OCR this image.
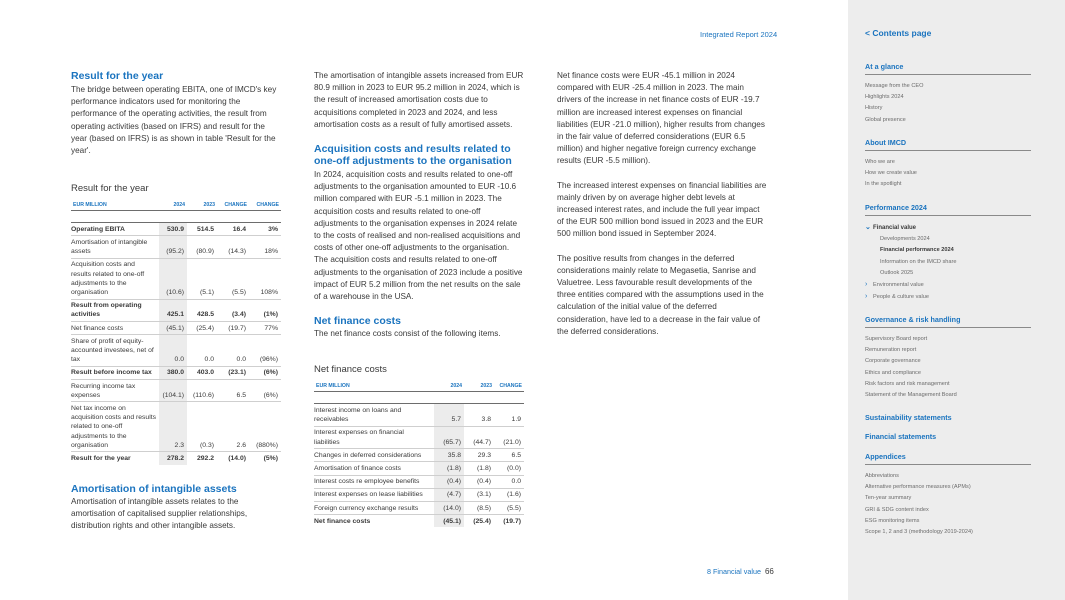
Integrated Report 2024
Result for the year
The bridge between operating EBITA, one of IMCD's key performance indicators used for monitoring the performance of the operating activities, the result from operating activities (based on IFRS) and result for the year (based on IFRS) is as shown in table 'Result for the year'.
Result for the year
EUR MILLION	2024	2023	CHANGE	CHANGE

Operating EBITA	530.9	514.5	16.4	3%
Amortisation of intangible assets	(95.2)	(80.9)	(14.3)	18%
Acquisition costs and results related to one-off adjustments to the organisation	(10.6)	(5.1)	(5.5)	108%
Result from operating activities	425.1	428.5	(3.4)	(1%)
Net finance costs	(45.1)	(25.4)	(19.7)	77%
Share of profit of equity-accounted investees, net of tax	0.0	0.0	0.0	(96%)
Result before income tax	380.0	403.0	(23.1)	(6%)
Recurring income tax expenses	(104.1)	(110.6)	6.5	(6%)
Net tax income on acquisition costs and results related to one-off adjustments to the organisation	2.3	(0.3)	2.6	(880%)
Result for the year	278.2	292.2	(14.0)	(5%)
Amortisation of intangible assets
Amortisation of intangible assets relates to the amortisation of capitalised supplier relationships, distribution rights and other intangible assets.
The amortisation of intangible assets increased from EUR 80.9 million in 2023 to EUR 95.2 million in 2024, which is the result of increased amortisation costs due to acquisitions completed in 2023 and 2024, and less amortisation costs as a result of fully amortised assets.
Acquisition costs and results related to one-off adjustments to the organisation
In 2024, acquisition costs and results related to one-off adjustments to the organisation amounted to EUR -10.6 million compared with EUR -5.1 million in 2023. The acquisition costs and results related to one-off adjustments to the organisation expenses in 2024 relate to the costs of realised and non-realised acquisitions and costs of other one-off adjustments to the organisation. The acquisition costs and results related to one-off adjustments to the organisation of 2023 include a positive impact of EUR 5.2 million from the net results on the sale of a warehouse in the USA.
Net finance costs
The net finance costs consist of the following items.
Net finance costs
EUR MILLION	2024	2023	CHANGE

Interest income on loans and receivables	5.7	3.8	1.9
Interest expenses on financial liabilities	(65.7)	(44.7)	(21.0)
Changes in deferred considerations	35.8	29.3	6.5
Amortisation of finance costs	(1.8)	(1.8)	(0.0)
Interest costs re employee benefits	(0.4)	(0.4)	0.0
Interest expenses on lease liabilities	(4.7)	(3.1)	(1.6)
Foreign currency exchange results	(14.0)	(8.5)	(5.5)
Net finance costs	(45.1)	(25.4)	(19.7)
Net finance costs were EUR -45.1 million in 2024 compared with EUR -25.4 million in 2023. The main drivers of the increase in net finance costs of EUR -19.7 million are increased interest expenses on financial liabilities (EUR -21.0 million), higher results from changes in the fair value of deferred considerations (EUR 6.5 million) and higher negative foreign currency exchange results (EUR -5.5 million).
The increased interest expenses on financial liabilities are mainly driven by on average higher debt levels at increased interest rates, and include the full year impact of the EUR 500 million bond issued in 2023 and the EUR 500 million bond issued in September 2024.
The positive results from changes in the deferred considerations mainly relate to Megasetia, Sanrise and Valuetree. Less favourable result developments of the three entities compared with the assumptions used in the calculation of the initial value of the deferred consideration, have led to a decrease in the fair value of the deferred considerations.
8 Financial value 66
< Contents page
At a glance
Message from the CEO
Highlights 2024
History
Global presence
About IMCD
Who we are
How we create value
In the spotlight
Performance 2024
⌄ Financial value
Developments 2024
Financial performance 2024
Information on the IMCD share
Outlook 2025
› Environmental value
› People & culture value
Governance & risk handling
Supervisory Board report
Remuneration report
Corporate governance
Ethics and compliance
Risk factors and risk management
Statement of the Management Board
Sustainability statements
Financial statements
Appendices
Abbreviations
Alternative performance measures (APMs)
Ten-year summary
GRI & SDG content index
ESG monitoring items
Scope 1, 2 and 3 (methodology 2019-2024)
